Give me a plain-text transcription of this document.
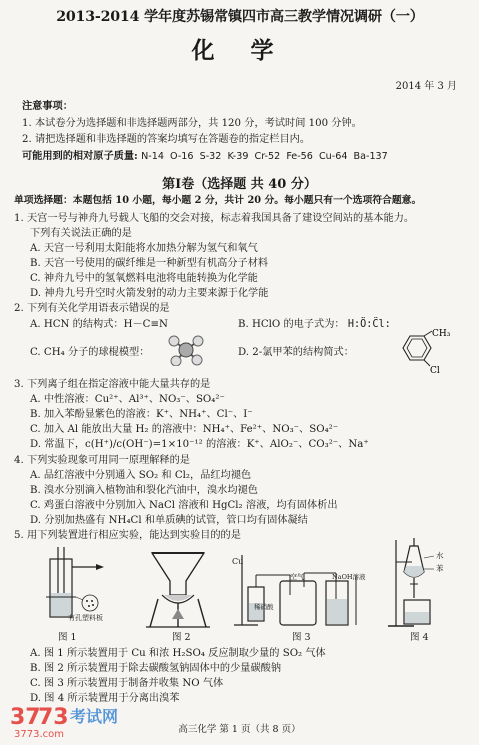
2013-2014 学年度苏锡常镇四市高三教学情况调研（一）
化 学
2014 年 3 月
注意事项：
1. 本试卷分为选择题和非选择题两部分，共 120 分，考试时间 100 分钟。
2. 请把选择题和非选择题的答案均填写在答题卷的指定栏目内。
可能用到的相对原子质量: N-14  O-16  S-32  K-39  Cr-52  Fe-56  Cu-64  Ba-137
第Ⅰ卷（选择题 共 40 分）
单项选择题：本题包括 10 小题，每小题 2 分，共计 20 分。每小题只有一个选项符合题意。
1. 天宫一号与神舟九号载人飞船的交会对接，标志着我国具备了建设空间站的基本能力。
下列有关说法正确的是
A. 天宫一号利用太阳能将水加热分解为氢气和氧气
B. 天宫一号使用的碳纤维是一种新型有机高分子材料
C. 神舟九号中的氢氧燃料电池将电能转换为化学能
D. 神舟九号升空时火箭发射的动力主要来源于化学能
2. 下列有关化学用语表示错误的是
A. HCN 的结构式：H－C≡N	B. HClO 的电子式为： H:Ö:C̈l:
C. CH₄ 分子的球棍模型：	D. 2-氯甲苯的结构简式：
CH₃
Cl
3. 下列离子组在指定溶液中能大量共存的是
A. 中性溶液：Cu²⁺、Al³⁺、NO₃⁻、SO₄²⁻
B. 加入苯酚显紫色的溶液：K⁺、NH₄⁺、Cl⁻、I⁻
C. 加入 Al 能放出大量 H₂ 的溶液中：NH₄⁺、Fe²⁺、NO₃⁻、SO₄²⁻
D. 常温下，c(H⁺)/c(OH⁻)=1×10⁻¹² 的溶液：K⁺、AlO₂⁻、CO₃²⁻、Na⁺
4. 下列实验现象可用同一原理解释的是
A. 品红溶液中分别通入 SO₂ 和 Cl₂，品红均褪色
B. 溴水分别滴入植物油和裂化汽油中，溴水均褪色
C. 鸡蛋白溶液中分别加入 NaCl 溶液和 HgCl₂ 溶液，均有固体析出
D. 分别加热盛有 NH₄Cl 和单质碘的试管，管口均有固体凝结
5. 用下列装置进行相应实验，能达到实验目的的是
有孔塑料板
Cu
空气
稀硝酸
NaOH溶液
水
苯
图 1	图 2	图 3	图 4
A. 图 1 所示装置用于 Cu 和浓 H₂SO₄ 反应制取少量的 SO₂ 气体
B. 图 2 所示装置用于除去碳酸氢钠固体中的少量碳酸钠
C. 图 3 所示装置用于制备并收集 NO 气体
D. 图 4 所示装置用于分离出溴苯
37
73 考试网
3773.com	高三化学 第 1 页（共 8 页）
